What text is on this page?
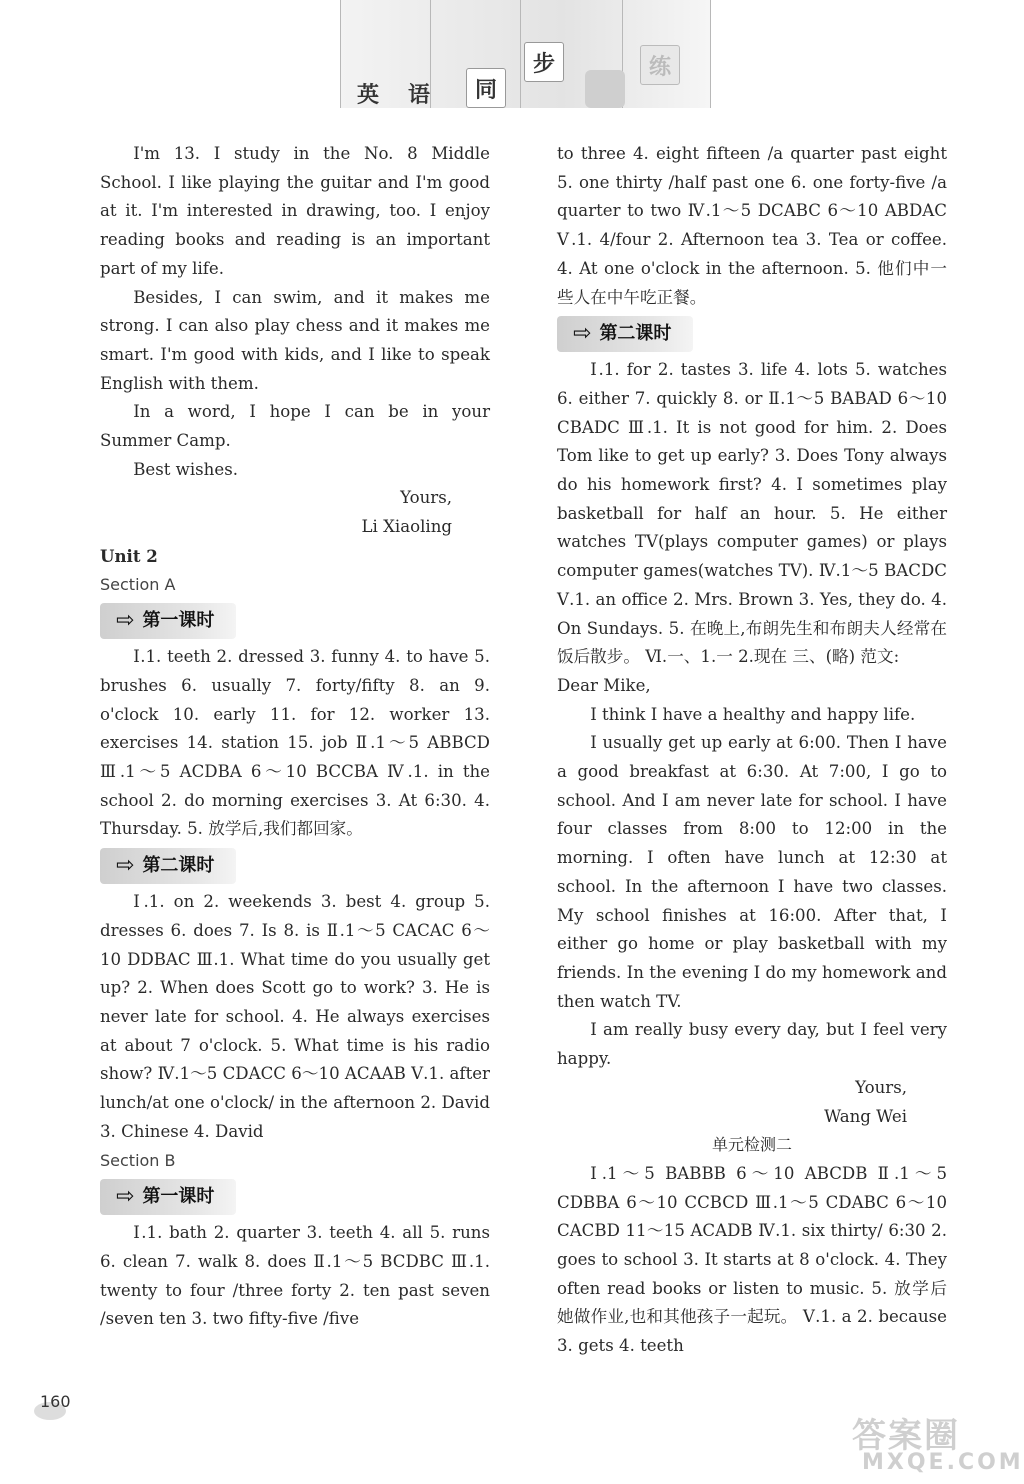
英 语 同
步	练

I'm 13. I study in the No. 8 Middle School. I like playing the guitar and I'm good at it. I'm interested in drawing, too. I enjoy reading books and reading is an important part of my life.

Besides, I can swim, and it makes me strong. I can also play chess and it makes me smart. I'm good with kids, and I like to speak English with them.

In a word, I hope I can be in your Summer Camp.

Best wishes.

Yours,

Li Xiaoling

Unit 2

Section A

⇨ 第一课时

Ⅰ.1. teeth 2. dressed 3. funny 4. to have 5. brushes 6. usually 7. forty/fifty 8. an 9. o'clock 10. early 11. for 12. worker 13. exercises 14. station 15. job Ⅱ.1～5 ABBCD Ⅲ.1～5 ACDBA 6～10 BCCBA Ⅳ.1. in the school 2. do morning exercises 3. At 6:30. 4. Thursday. 5. 放学后,我们都回家。

⇨ 第二课时

Ⅰ.1. on 2. weekends 3. best 4. group 5. dresses 6. does 7. Is 8. is Ⅱ.1～5 CACAC 6～10 DDBAC Ⅲ.1. What time do you usually get up? 2. When does Scott go to work? 3. He is never late for school. 4. He always exercises at about 7 o'clock. 5. What time is his radio show? Ⅳ.1～5 CDACC 6～10 ACAAB Ⅴ.1. after lunch/at one o'clock/ in the afternoon 2. David 3. Chinese 4. David

Section B

⇨ 第一课时

Ⅰ.1. bath 2. quarter 3. teeth 4. all 5. runs 6. clean 7. walk 8. does Ⅱ.1～5 BCDBC Ⅲ.1. twenty to four /three forty 2. ten past seven /seven ten 3. two fifty-five /five

to three 4. eight fifteen /a quarter past eight 5. one thirty /half past one 6. one forty-five /a quarter to two Ⅳ.1～5 DCABC 6～10 ABDAC Ⅴ.1. 4/four 2. Afternoon tea 3. Tea or coffee. 4. At one o'clock in the afternoon. 5. 他们中一些人在中午吃正餐。

⇨ 第二课时

Ⅰ.1. for 2. tastes 3. life 4. lots 5. watches 6. either 7. quickly 8. or Ⅱ.1～5 BABAD 6～10 CBADC Ⅲ.1. It is not good for him. 2. Does Tom like to get up early? 3. Does Tony always do his homework first? 4. I sometimes play basketball for half an hour. 5. He either watches TV(plays computer games) or plays computer games(watches TV). Ⅳ.1～5 BACDC Ⅴ.1. an office 2. Mrs. Brown 3. Yes, they do. 4. On Sundays. 5. 在晚上,布朗先生和布朗夫人经常在饭后散步。 Ⅵ.一、1.一 2.现在 三、(略) 范文:

Dear Mike,

I think I have a healthy and happy life.

I usually get up early at 6:00. Then I have a good breakfast at 6:30. At 7:00, I go to school. And I am never late for school. I have four classes from 8:00 to 12:00 in the morning. I often have lunch at 12:30 at school. In the afternoon I have two classes. My school finishes at 16:00. After that, I either go home or play basketball with my friends. In the evening I do my homework and then watch TV.

I am really busy every day, but I feel very happy.

Yours,

Wang Wei

单元检测二

Ⅰ.1～5 BABBB 6～10 ABCDB Ⅱ.1～5 CDBBA 6～10 CCBCD Ⅲ.1～5 CDABC 6～10 CACBD 11～15 ACADB Ⅳ.1. six thirty/ 6:30 2. goes to school 3. It starts at 8 o'clock. 4. They often read books or listen to music. 5. 放学后她做作业,也和其他孩子一起玩。 Ⅴ.1. a 2. because 3. gets 4. teeth

160
答案圈
MXQE.COM
